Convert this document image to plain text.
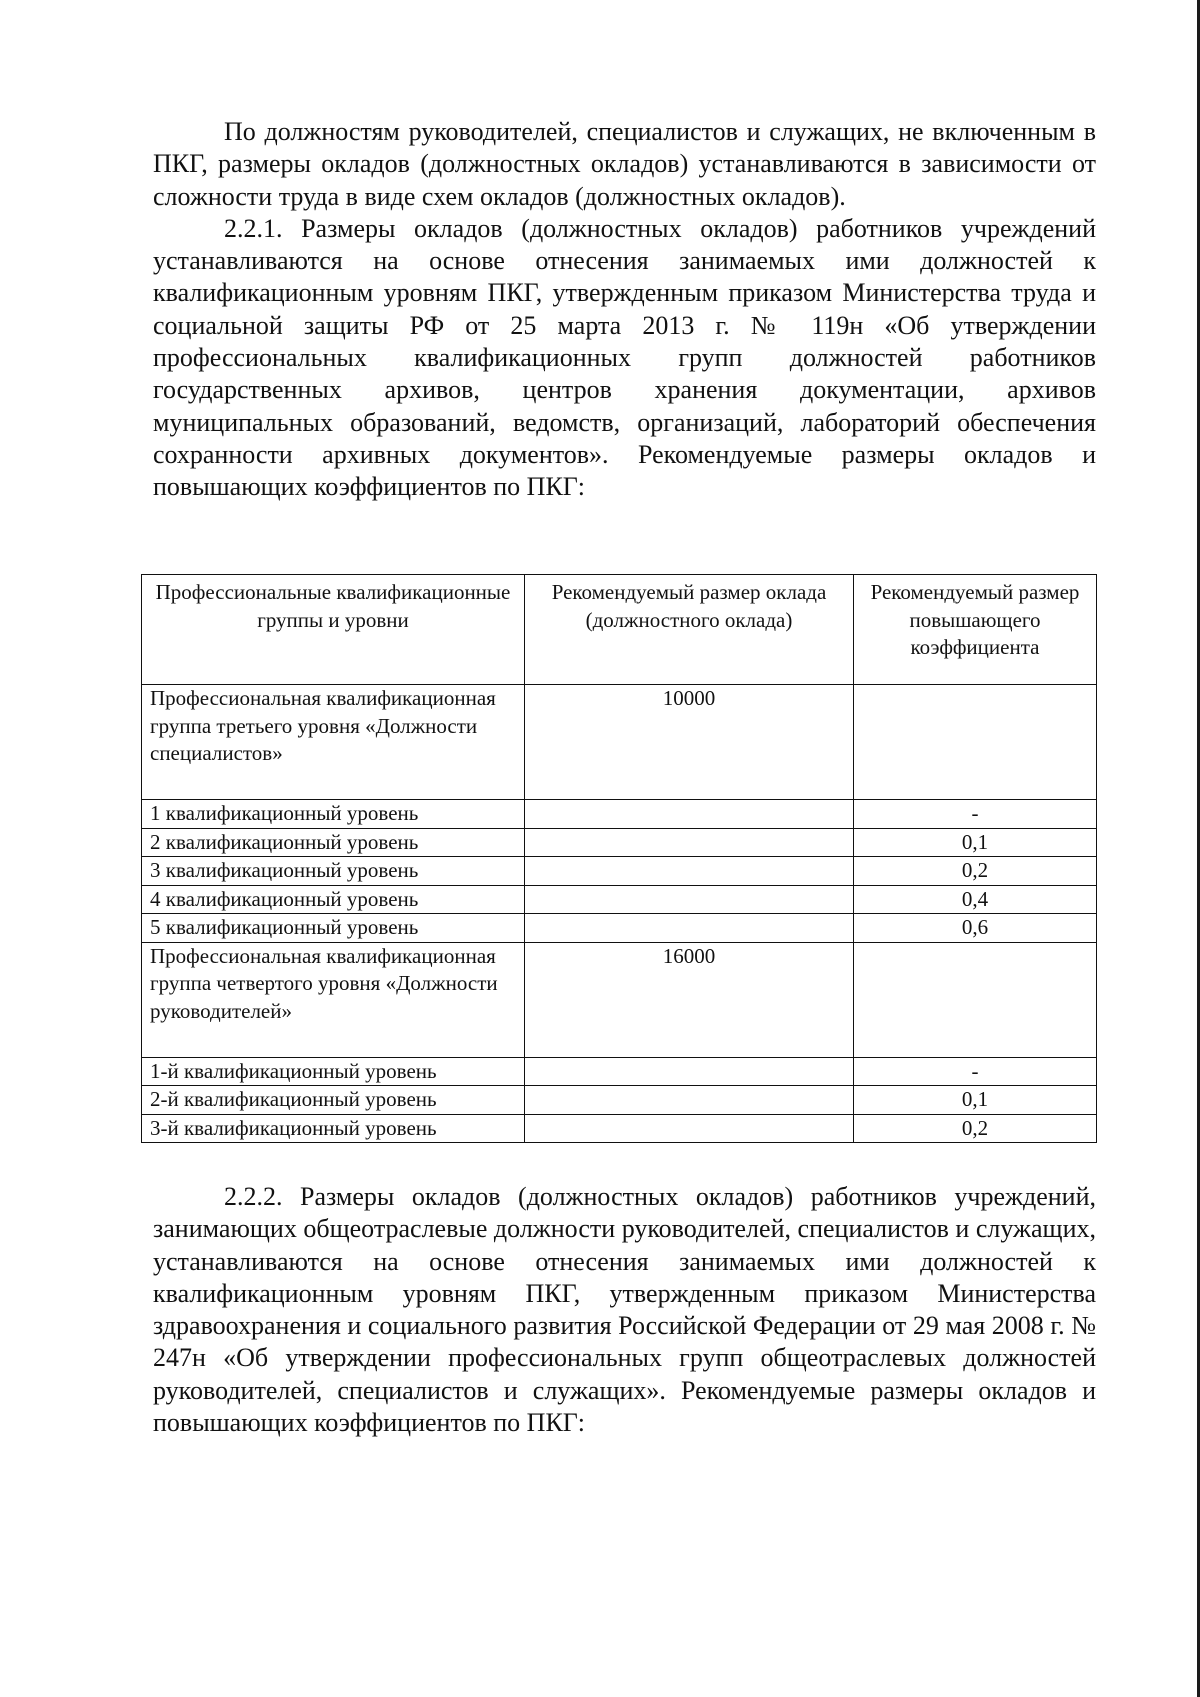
По должностям руководителей, специалистов и служащих, не включенным в ПКГ, размеры окладов (должностных окладов) устанавливаются в зависимости от сложности труда в виде схем окладов (должностных окладов).

2.2.1. Размеры окладов (должностных окладов) работников учреждений устанавливаются на основе отнесения занимаемых ими должностей к квалификационным уровням ПКГ, утвержденным приказом Министерства труда и социальной защиты РФ от 25 марта 2013 г. № 119н «Об утверждении профессиональных квалификационных групп должностей работников государственных архивов, центров хранения документации, архивов муниципальных образований, ведомств, организаций, лабораторий обеспечения сохранности архивных документов». Рекомендуемые размеры окладов и повышающих коэффициентов по ПКГ:

Профессиональные квалификационные группы и уровни	Рекомендуемый размер оклада (должностного оклада)	Рекомендуемый размер повышающего коэффициента
Профессиональная квалификационная группа третьего уровня «Должности специалистов»	10000	
1 квалификационный уровень		-
2 квалификационный уровень		0,1
3 квалификационный уровень		0,2
4 квалификационный уровень		0,4
5 квалификационный уровень		0,6
Профессиональная квалификационная группа четвертого уровня «Должности руководителей»	16000	
1-й квалификационный уровень		-
2-й квалификационный уровень		0,1
3-й квалификационный уровень		0,2

2.2.2. Размеры окладов (должностных окладов) работников учреждений, занимающих общеотраслевые должности руководителей, специалистов и служащих, устанавливаются на основе отнесения занимаемых ими должностей к квалификационным уровням ПКГ, утвержденным приказом Министерства здравоохранения и социального развития Российской Федерации от 29 мая 2008 г. № 247н «Об утверждении профессиональных групп общеотраслевых должностей руководителей, специалистов и служащих». Рекомендуемые размеры окладов и повышающих коэффициентов по ПКГ:
